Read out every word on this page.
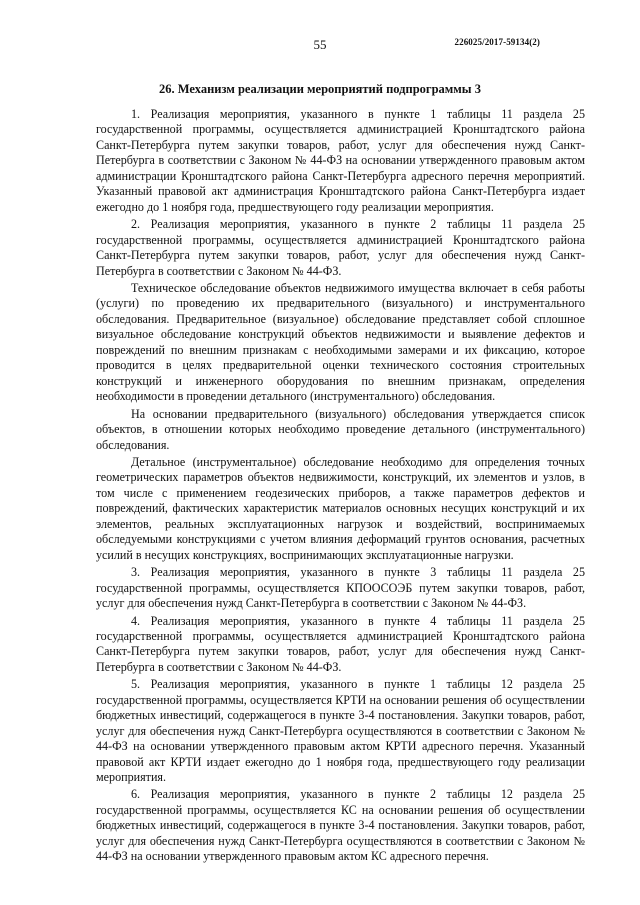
226025/2017-59134(2)
55
26. Механизм реализации мероприятий подпрограммы 3

1. Реализация мероприятия, указанного в пункте 1 таблицы 11 раздела 25 государственной программы, осуществляется администрацией Кронштадтского района Санкт-Петербурга путем закупки товаров, работ, услуг для обеспечения нужд Санкт-Петербурга в соответствии с Законом № 44-ФЗ на основании утвержденного правовым актом администрации Кронштадтского района Санкт-Петербурга адресного перечня мероприятий. Указанный правовой акт администрация Кронштадтского района Санкт-Петербурга издает ежегодно до 1 ноября года, предшествующего году реализации мероприятия.

2. Реализация мероприятия, указанного в пункте 2 таблицы 11 раздела 25 государственной программы, осуществляется администрацией Кронштадтского района Санкт-Петербурга путем закупки товаров, работ, услуг для обеспечения нужд Санкт-Петербурга в соответствии с Законом № 44-ФЗ.

Техническое обследование объектов недвижимого имущества включает в себя работы (услуги) по проведению их предварительного (визуального) и инструментального обследования. Предварительное (визуальное) обследование представляет собой сплошное визуальное обследование конструкций объектов недвижимости и выявление дефектов и повреждений по внешним признакам с необходимыми замерами и их фиксацию, которое проводится в целях предварительной оценки технического состояния строительных конструкций и инженерного оборудования по внешним признакам, определения необходимости в проведении детального (инструментального) обследования.

На основании предварительного (визуального) обследования утверждается список объектов, в отношении которых необходимо проведение детального (инструментального) обследования.

Детальное (инструментальное) обследование необходимо для определения точных геометрических параметров объектов недвижимости, конструкций, их элементов и узлов, в том числе с применением геодезических приборов, а также параметров дефектов и повреждений, фактических характеристик материалов основных несущих конструкций и их элементов, реальных эксплуатационных нагрузок и воздействий, воспринимаемых обследуемыми конструкциями с учетом влияния деформаций грунтов основания, расчетных усилий в несущих конструкциях, воспринимающих эксплуатационные нагрузки.

3. Реализация мероприятия, указанного в пункте 3 таблицы 11 раздела 25 государственной программы, осуществляется КПООСОЭБ путем закупки товаров, работ, услуг для обеспечения нужд Санкт-Петербурга в соответствии с Законом № 44-ФЗ.

4. Реализация мероприятия, указанного в пункте 4 таблицы 11 раздела 25 государственной программы, осуществляется администрацией Кронштадтского района Санкт-Петербурга путем закупки товаров, работ, услуг для обеспечения нужд Санкт-Петербурга в соответствии с Законом № 44-ФЗ.

5. Реализация мероприятия, указанного в пункте 1 таблицы 12 раздела 25 государственной программы, осуществляется КРТИ на основании решения об осуществлении бюджетных инвестиций, содержащегося в пункте 3-4 постановления. Закупки товаров, работ, услуг для обеспечения нужд Санкт-Петербурга осуществляются в соответствии с Законом № 44-ФЗ на основании утвержденного правовым актом КРТИ адресного перечня. Указанный правовой акт КРТИ издает ежегодно до 1 ноября года, предшествующего году реализации мероприятия.

6. Реализация мероприятия, указанного в пункте 2 таблицы 12 раздела 25 государственной программы, осуществляется КС на основании решения об осуществлении бюджетных инвестиций, содержащегося в пункте 3-4 постановления. Закупки товаров, работ, услуг для обеспечения нужд Санкт-Петербурга осуществляются в соответствии с Законом № 44-ФЗ на основании утвержденного правовым актом КС адресного перечня.
